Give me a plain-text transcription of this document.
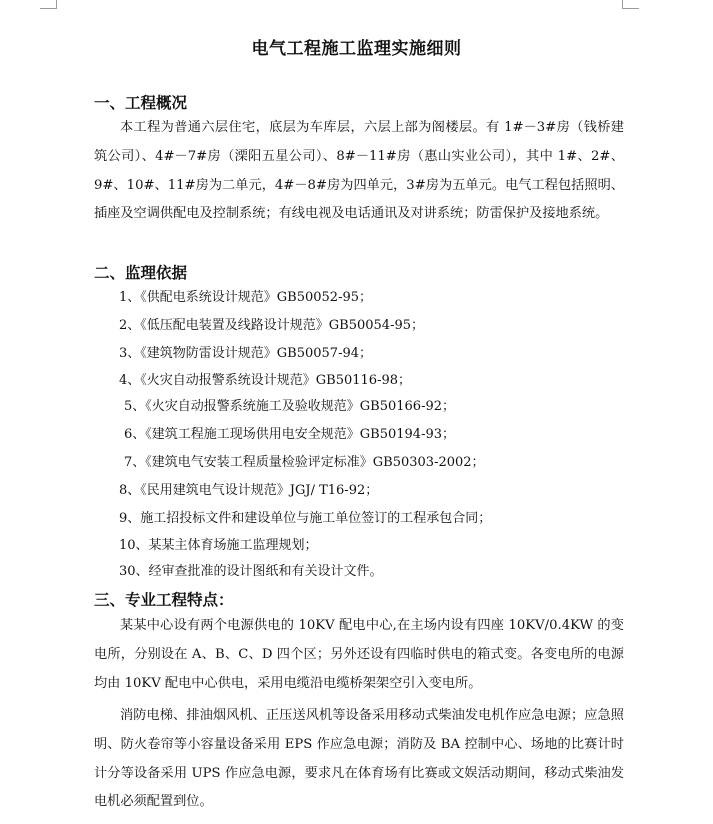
电气工程施工监理实施细则
一、工程概况

本工程为普通六层住宅，底层为车库层，六层上部为阁楼层。有 1#－3#房（钱桥建筑公司）、4#－7#房（溧阳五星公司）、8#－11#房（惠山实业公司），其中 1#、2#、9#、10#、11#房为二单元，4#－8#房为四单元，3#房为五单元。电气工程包括照明、插座及空调供配电及控制系统；有线电视及电话通讯及对讲系统；防雷保护及接地系统。

二、监理依据
1、《供配电系统设计规范》GB50052-95；
2、《低压配电装置及线路设计规范》GB50054-95；
3、《建筑物防雷设计规范》GB50057-94；
4、《火灾自动报警系统设计规范》GB50116-98；
5、《火灾自动报警系统施工及验收规范》GB50166-92；
6、《建筑工程施工现场供用电安全规范》GB50194-93；
7、《建筑电气安装工程质量检验评定标准》GB50303-2002；
8、《民用建筑电气设计规范》JGJ/ T16-92；
9、施工招投标文件和建设单位与施工单位签订的工程承包合同；
10、某某主体育场施工监理规划；
30、经审查批准的设计图纸和有关设计文件。
三、专业工程特点：

某某中心设有两个电源供电的 10KV 配电中心,在主场内设有四座 10KV/0.4KW 的变电所，分别设在 A、B、C、D 四个区；另外还设有四临时供电的箱式变。各变电所的电源均由 10KV 配电中心供电，采用电缆沿电缆桥架架空引入变电所。

消防电梯、排油烟风机、正压送风机等设备采用移动式柴油发电机作应急电源；应急照明、防火卷帘等小容量设备采用 EPS 作应急电源；消防及 BA 控制中心、场地的比赛计时计分等设备采用 UPS 作应急电源，要求凡在体育场有比赛或文娱活动期间，移动式柴油发电机必须配置到位。
